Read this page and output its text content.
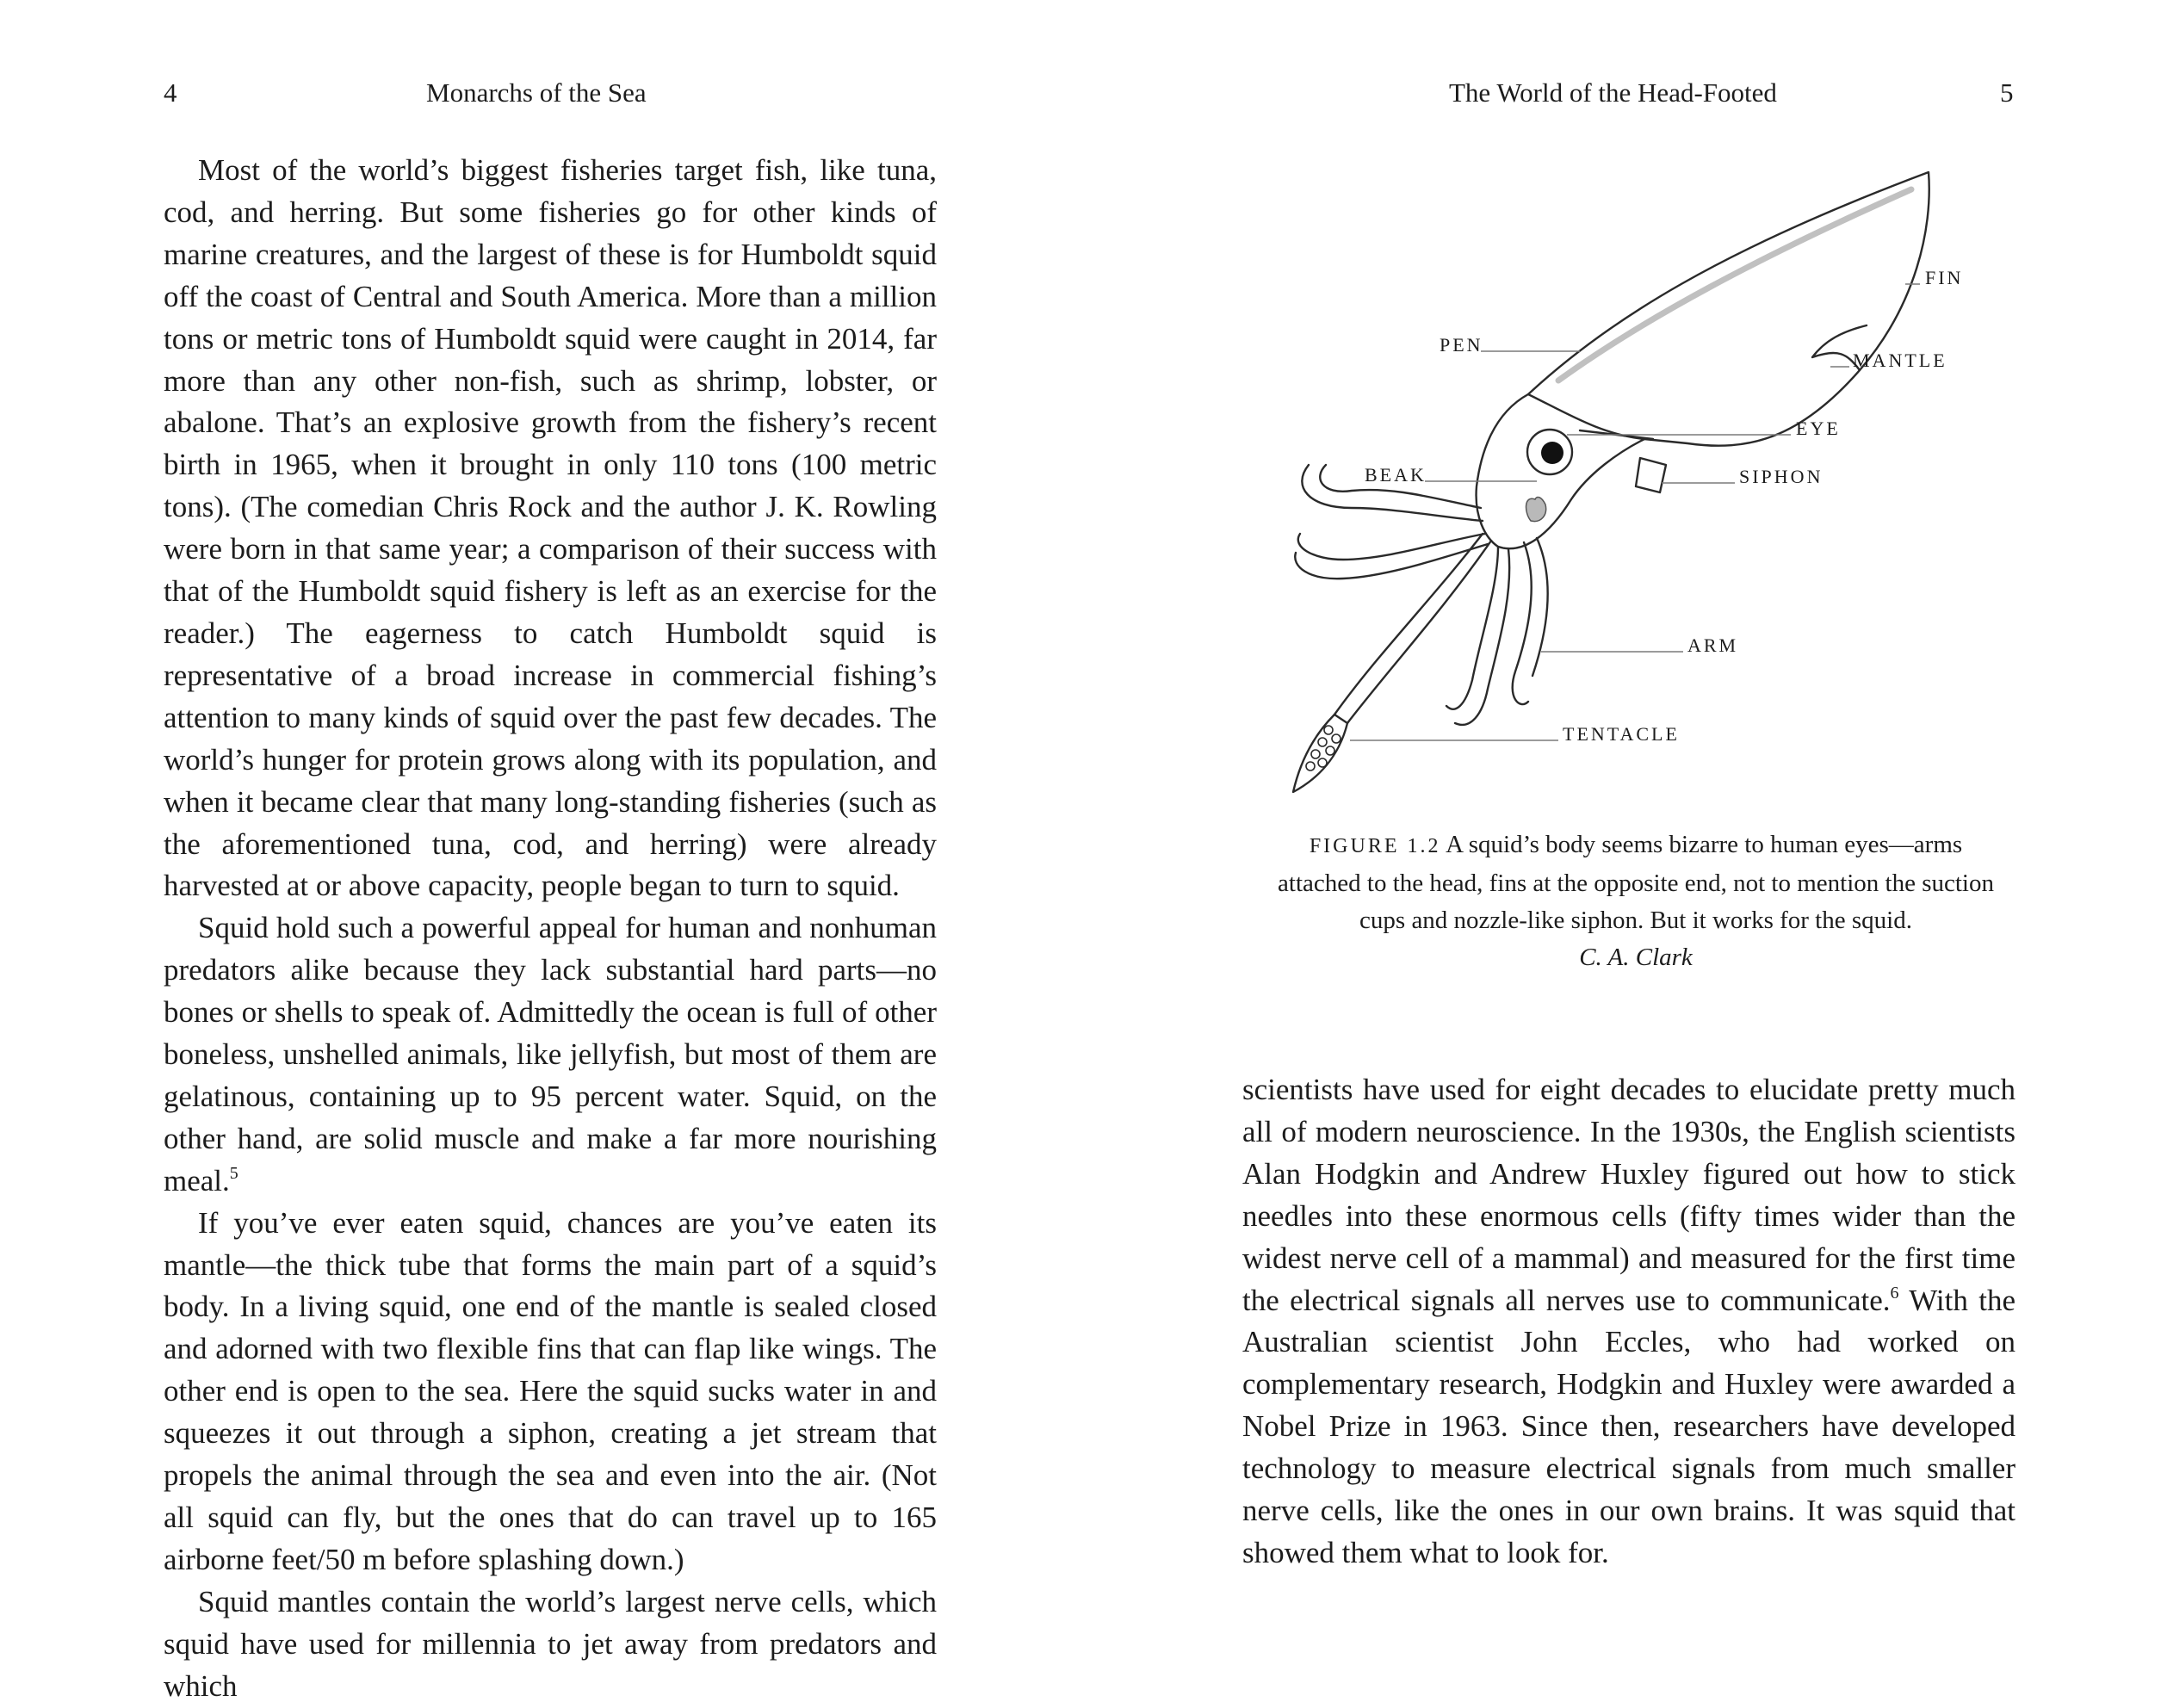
4	Monarchs of the Sea

Most of the world’s biggest fisheries target fish, like tuna, cod, and herring. But some fisheries go for other kinds of marine creatures, and the largest of these is for Humboldt squid off the coast of Central and South America. More than a million tons or metric tons of Humboldt squid were caught in 2014, far more than any other non-fish, such as shrimp, lobster, or abalone. That’s an explosive growth from the fishery’s recent birth in 1965, when it brought in only 110 tons (100 metric tons). (The comedian Chris Rock and the author J. K. Rowling were born in that same year; a comparison of their success with that of the Humboldt squid fishery is left as an exercise for the reader.) The eagerness to catch Humboldt squid is representative of a broad increase in commercial fishing’s attention to many kinds of squid over the past few decades. The world’s hunger for protein grows along with its population, and when it became clear that many long-standing fisheries (such as the aforementioned tuna, cod, and herring) were already harvested at or above capacity, people began to turn to squid.

Squid hold such a powerful appeal for human and nonhuman predators alike because they lack substantial hard parts—no bones or shells to speak of. Admittedly the ocean is full of other boneless, unshelled animals, like jellyfish, but most of them are gelatinous, containing up to 95 percent water. Squid, on the other hand, are solid muscle and make a far more nourishing meal.$^5$

If you’ve ever eaten squid, chances are you’ve eaten its mantle—the thick tube that forms the main part of a squid’s body. In a living squid, one end of the mantle is sealed closed and adorned with two flexible fins that can flap like wings. The other end is open to the sea. Here the squid sucks water in and squeezes it out through a siphon, creating a jet stream that propels the animal through the sea and even into the air. (Not all squid can fly, but the ones that do can travel up to 165 airborne feet/50 m before splashing down.)

Squid mantles contain the world’s largest nerve cells, which squid have used for millennia to jet away from predators and which

The World of the Head-Footed	5
FIN
PEN
MANTLE
EYE
BEAK	SIPHON
ARM
TENTACLE
FIGURE 1.2 A squid’s body seems bizarre to human eyes—arms attached to the head, fins at the opposite end, not to mention the suction cups and nozzle-like siphon. But it works for the squid.
C. A. Clark

scientists have used for eight decades to elucidate pretty much all of modern neuroscience. In the 1930s, the English scientists Alan Hodgkin and Andrew Huxley figured out how to stick needles into these enormous cells (fifty times wider than the widest nerve cell of a mammal) and measured for the first time the electrical signals all nerves use to communicate.$^6$ With the Australian scientist John Eccles, who had worked on complementary research, Hodgkin and Huxley were awarded a Nobel Prize in 1963. Since then, researchers have developed technology to measure electrical signals from much smaller nerve cells, like the ones in our own brains. It was squid that showed them what to look for.
